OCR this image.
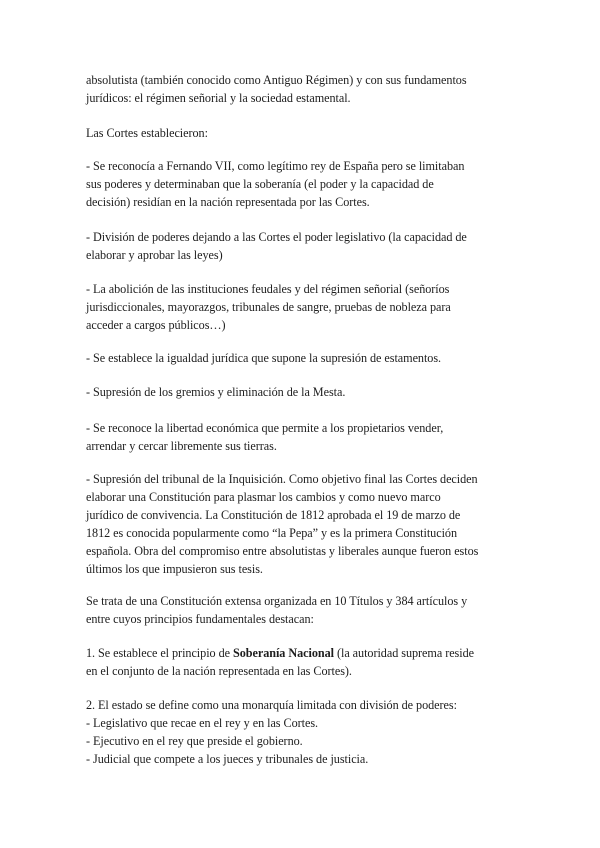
absolutista (también conocido como Antiguo Régimen) y con sus fundamentos
jurídicos: el régimen señorial y la sociedad estamental.

Las Cortes establecieron:

- Se reconocía a Fernando VII, como legítimo rey de España pero se limitaban
sus poderes y determinaban que la soberanía (el poder y la capacidad de
decisión) residían en la nación representada por las Cortes.

- División de poderes dejando a las Cortes el poder legislativo (la capacidad de
elaborar y aprobar las leyes)

- La abolición de las instituciones feudales y del régimen señorial (señoríos
jurisdiccionales, mayorazgos, tribunales de sangre, pruebas de nobleza para
acceder a cargos públicos…)

- Se establece la igualdad jurídica que supone la supresión de estamentos.

- Supresión de los gremios y eliminación de la Mesta.

- Se reconoce la libertad económica que permite a los propietarios vender,
arrendar y cercar libremente sus tierras.

- Supresión del tribunal de la Inquisición. Como objetivo final las Cortes deciden
elaborar una Constitución para plasmar los cambios y como nuevo marco
jurídico de convivencia. La Constitución de 1812 aprobada el 19 de marzo de
1812 es conocida popularmente como “la Pepa” y es la primera Constitución
española. Obra del compromiso entre absolutistas y liberales aunque fueron estos
últimos los que impusieron sus tesis.

Se trata de una Constitución extensa organizada en 10 Títulos y 384 artículos y
entre cuyos principios fundamentales destacan:

1. Se establece el principio de Soberanía Nacional (la autoridad suprema reside
en el conjunto de la nación representada en las Cortes).

2. El estado se define como una monarquía limitada con división de poderes:
- Legislativo que recae en el rey y en las Cortes.
- Ejecutivo en el rey que preside el gobierno.
- Judicial que compete a los jueces y tribunales de justicia.
